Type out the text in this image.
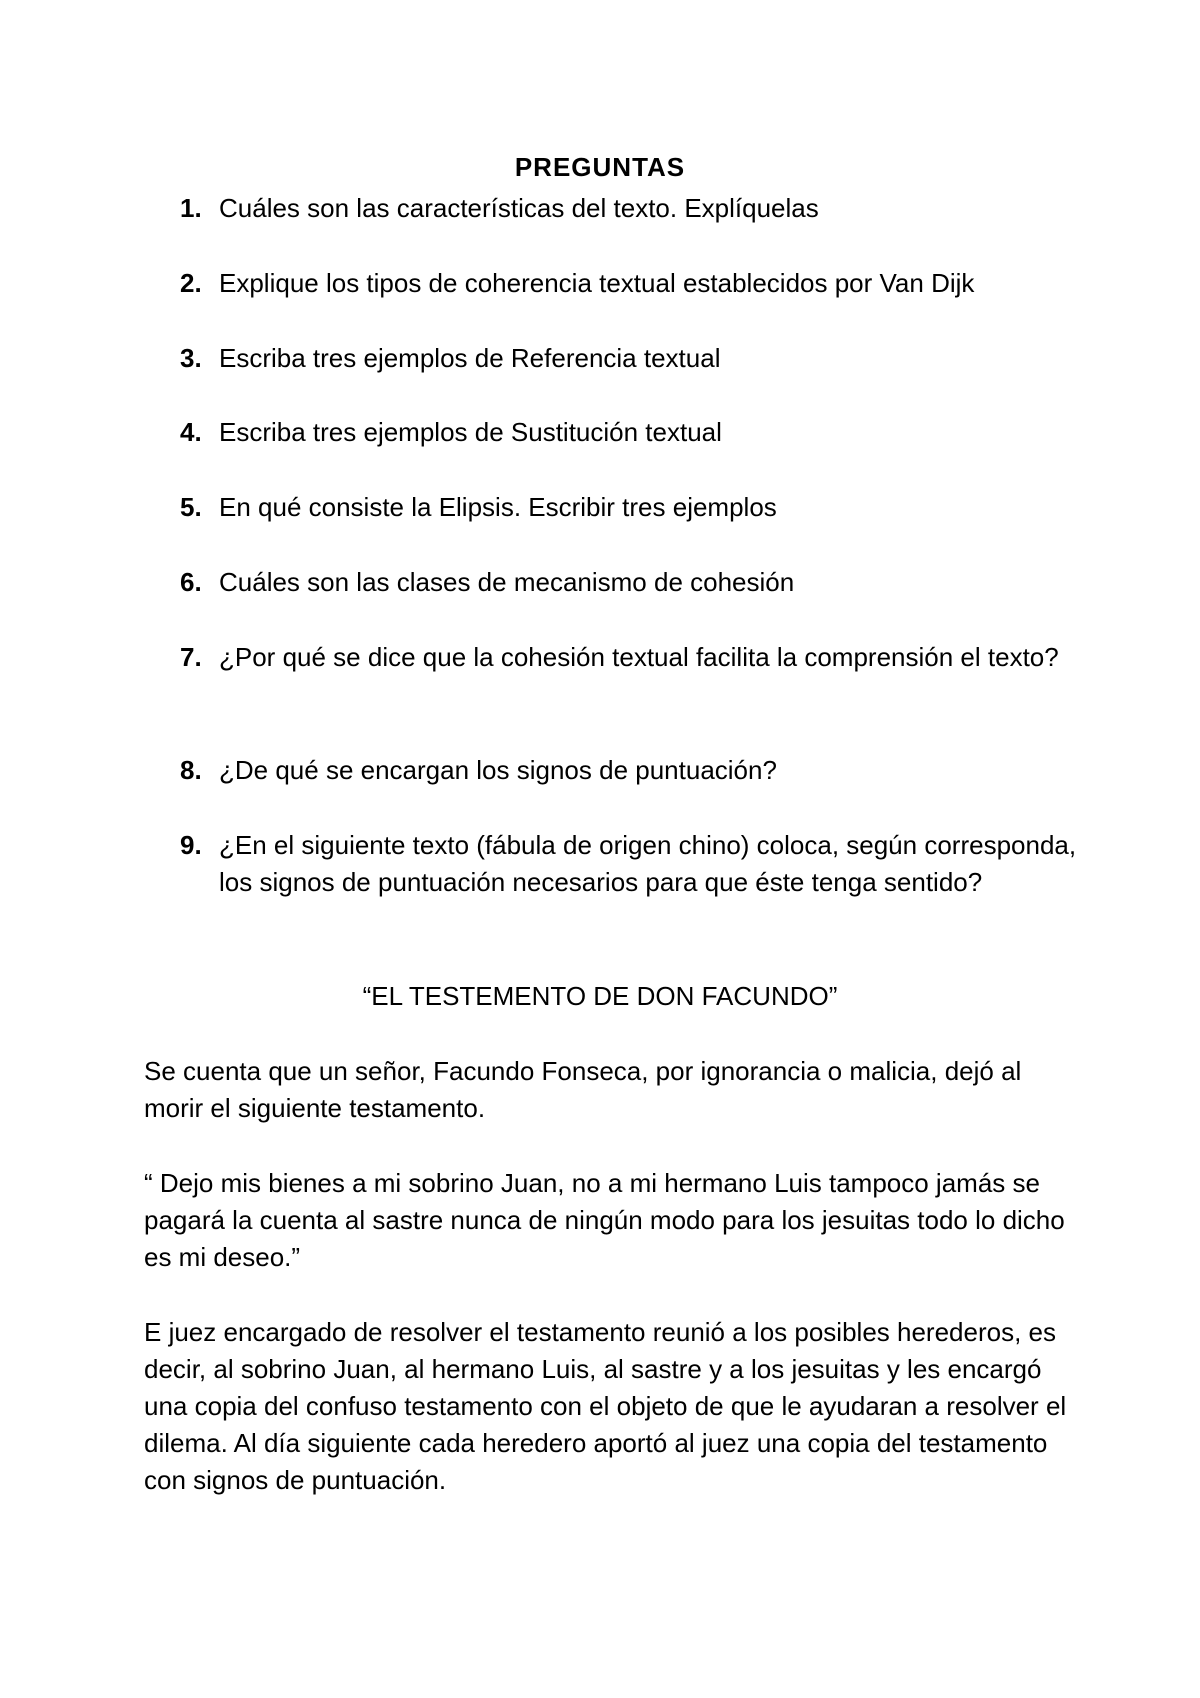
PREGUNTAS
1. Cuáles son las características del texto. Explíquelas
2. Explique los tipos de coherencia textual establecidos por Van Dijk
3. Escriba tres ejemplos de Referencia textual
4. Escriba tres ejemplos de Sustitución textual
5. En qué consiste la Elipsis. Escribir tres ejemplos
6. Cuáles son las clases de mecanismo de cohesión
7. ¿Por qué se dice que la cohesión textual facilita la comprensión el texto?
8. ¿De qué se encargan los signos de puntuación?
9. ¿En el siguiente texto (fábula de origen chino) coloca, según corresponda, los signos de puntuación necesarios para que éste tenga sentido?
“EL TESTEMENTO DE DON FACUNDO”
Se cuenta que un señor, Facundo Fonseca, por ignorancia o malicia, dejó al morir el siguiente testamento.
“ Dejo mis bienes a mi sobrino Juan, no a mi hermano Luis tampoco jamás se pagará la cuenta al sastre nunca de ningún modo para los jesuitas todo lo dicho es mi deseo.”
E juez encargado de resolver el testamento reunió a los posibles herederos, es decir, al sobrino Juan, al hermano Luis, al sastre y a los jesuitas y les encargó una copia del confuso testamento con el objeto de que le ayudaran a resolver el dilema. Al día siguiente cada heredero aportó al juez una copia del testamento con signos de puntuación.
